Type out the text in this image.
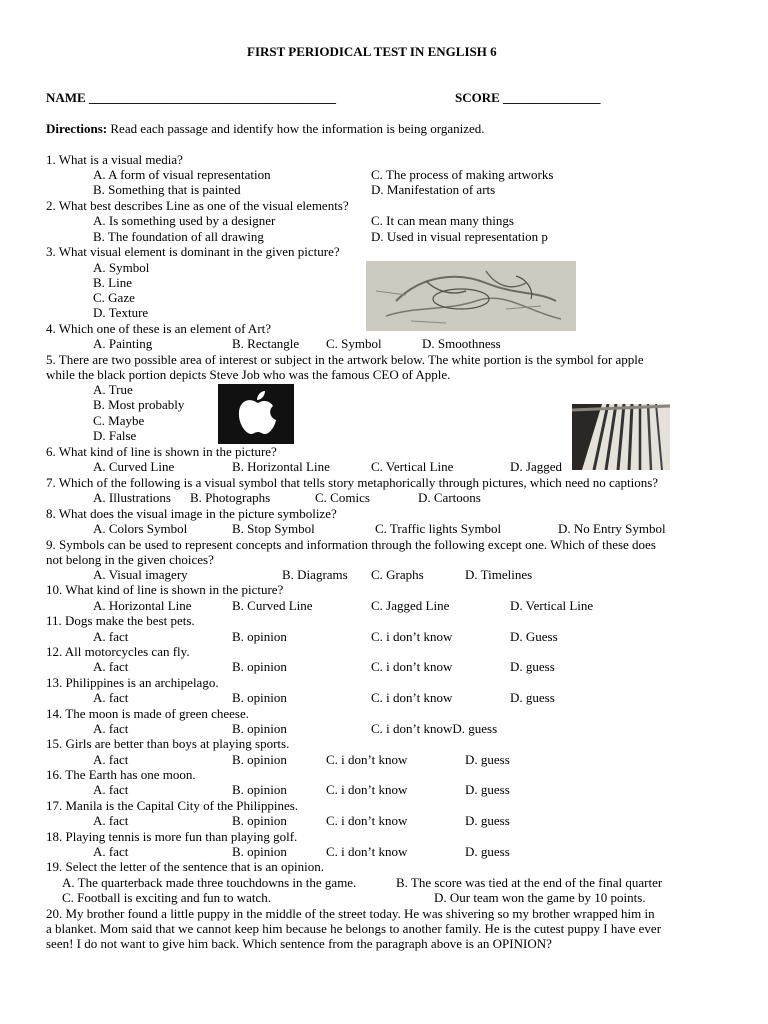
FIRST PERIODICAL TEST IN ENGLISH 6
NAME ______________________________________	SCORE _______________
Directions: Read each passage and identify how the information is being organized.
1. What is a visual media?
A. A form of visual representation	C. The process of making artworks
B. Something that is painted	D. Manifestation of arts
2. What best describes Line as one of the visual elements?
A. Is something used by a designer	C. It can mean many things
B. The foundation of all drawing	D. Used in visual representation p
3. What visual element is dominant in the given picture?
A. Symbol
B. Line
C. Gaze
D. Texture
4. Which one of these is an element of Art?
A. Painting	B. Rectangle C. Symbol	D. Smoothness
5. There are two possible area of interest or subject in the artwork below. The white portion is the symbol for apple
while the black portion depicts Steve Job who was the famous CEO of Apple.
A. True
B. Most probably
C. Maybe
D. False
6. What kind of line is shown in the picture?
A. Curved Line	B. Horizontal Line	C. Vertical Line	D. Jagged
7. Which of the following is a visual symbol that tells story metaphorically through pictures, which need no captions?
A. Illustrations B. Photographs	C. Comics	D. Cartoons
8. What does the visual image in the picture symbolize?
A. Colors Symbol	B. Stop Symbol	C. Traffic lights Symbol	D. No Entry Symbol
9. Symbols can be used to represent concepts and information through the following except one. Which of these does
not belong in the given choices?
A. Visual imagery	B. Diagrams C. Graphs	D. Timelines
10. What kind of line is shown in the picture?
A. Horizontal Line	B. Curved Line	C. Jagged Line	D. Vertical Line
11. Dogs make the best pets.
A. fact	B. opinion	C. i don’t know	D. Guess
12. All motorcycles can fly.
A. fact	B. opinion	C. i don’t know	D. guess
13. Philippines is an archipelago.
A. fact	B. opinion	C. i don’t know	D. guess
14. The moon is made of green cheese.
A. fact	B. opinion	C. i don’t knowD. guess
15. Girls are better than boys at playing sports.
A. fact	B. opinion	C. i don’t know	D. guess
16. The Earth has one moon.
A. fact	B. opinion	C. i don’t know	D. guess
17. Manila is the Capital City of the Philippines.
A. fact	B. opinion	C. i don’t know	D. guess
18. Playing tennis is more fun than playing golf.
A. fact	B. opinion	C. i don’t know	D. guess
19. Select the letter of the sentence that is an opinion.
A. The quarterback made three touchdowns in the game.	B. The score was tied at the end of the final quarter
C. Football is exciting and fun to watch.	D. Our team won the game by 10 points.
20. My brother found a little puppy in the middle of the street today. He was shivering so my brother wrapped him in
a blanket. Mom said that we cannot keep him because he belongs to another family. He is the cutest puppy I have ever
seen! I do not want to give him back. Which sentence from the paragraph above is an OPINION?
